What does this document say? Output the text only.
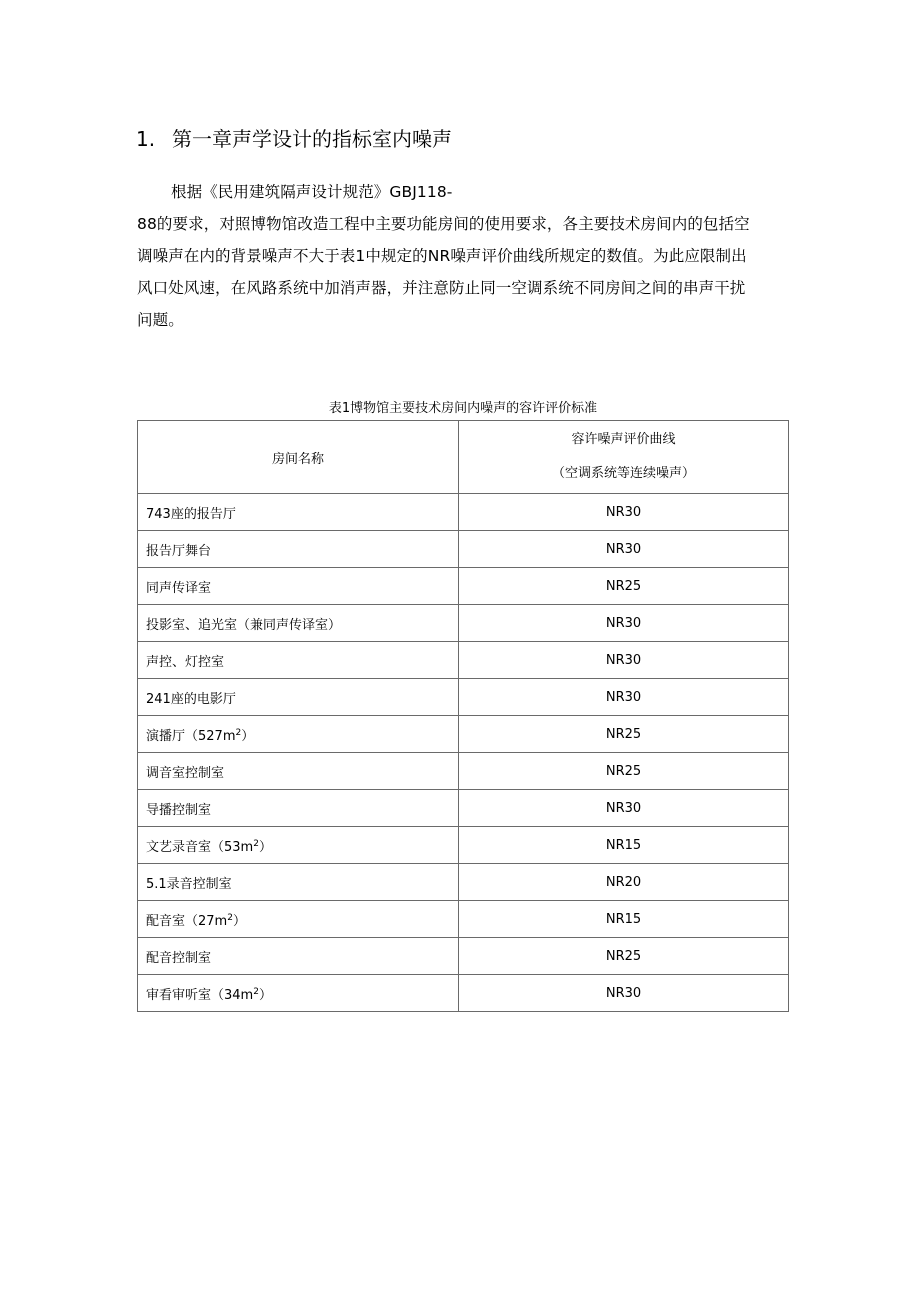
1. 第一章声学设计的指标室内噪声
根据《民用建筑隔声设计规范》GBJ118-
88的要求，对照博物馆改造工程中主要功能房间的使用要求，各主要技术房间内的包括空
调噪声在内的背景噪声不大于表1中规定的NR噪声评价曲线所规定的数值。为此应限制出
风口处风速，在风路系统中加消声器，并注意防止同一空调系统不同房间之间的串声干扰
问题。
表1博物馆主要技术房间内噪声的容许评价标准
房间名称	容许噪声评价曲线
（空调系统等连续噪声）

743座的报告厅	NR30
报告厅舞台	NR30
同声传译室	NR25
投影室、追光室（兼同声传译室）	NR30
声控、灯控室	NR30
241座的电影厅	NR30
演播厅$(527m^2)$	NR25
调音室控制室	NR25
导播控制室	NR30
文艺录音室$(53m^2)$	NR15
5.1录音控制室	NR20
配音室$(27m^2)$	NR15
配音控制室	NR25
审看审听室$(34m^2)$	NR30
